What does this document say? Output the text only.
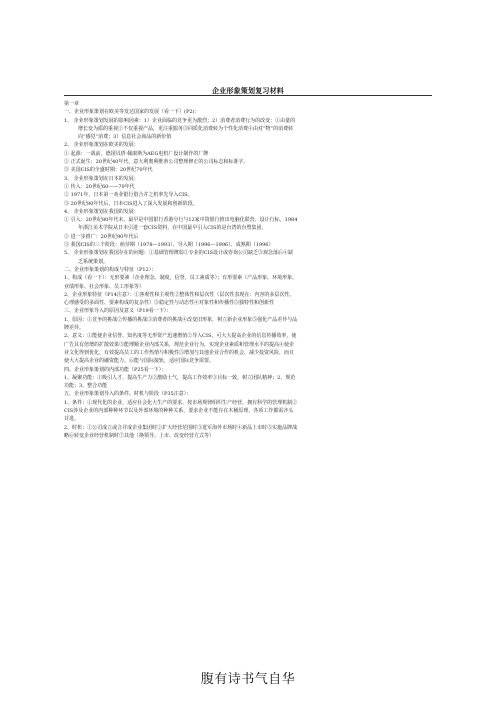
企业形象策划复习材料
第一章
一、企业形象策划在欧美等发达国家的发展（看一下）(P2)：
1、 企业形象策划发展的影响因素：1）企业面临的竞争更为激烈；2）消费者消费行为的改变：①由量的
增长变为质的重视②不仅重视产品，更注重服务③同质化消费转为个性化消费④由对“物”的消费转
向“感觉”消费；3）信息社会商品的新价值
2、 企业形象策划在欧美的发展：
① 起源：一战前，德国贝塔·佩康斯为AEG电机厂设计制作的厂牌
② 正式诞生：20世纪40年代，意大利奥利维蒂公司整理修正的公司标志和标准字。
③ 美国CIS的全盛时期：20世纪70年代
3、 企业形象策划在日本的发展：
① 传入：20世纪60——70年代
② 1971年，日本第一劝业银行借合并之机率先导入CIS。
③ 20世纪80年代后，日本CIS进入了深入发展和创新阶段。
4、 企业形象策划在我国的发展：
① 引入：20世纪80年代末，最早是中国银行香港分行与12家中资银行推出电脑化联营、设计行标。1984
年浙江美术学院从日本引进一套CIS资料，在中国最早引入CIS的是台湾的台塑集团。
② 进一步推广：20世纪90年代后
③ 我国CIS的三个阶段：萌芽期（1978—1993）、导入期（1996—1996）、成熟期（1996）
5、 企业形象策划在我国存在的问题：①基础管理薄弱②专业的CIS设计或咨询公司缺乏③观念落后④缺
乏系统策划。
二、企业形象策划的构成与特征（P12）：
1、构成（看一下）：无形要素（企业理念、制度、信誉、员工素质等）；有形要素（产品形象、环境形象、
业绩形象、社会形象、员工形象等）
2、企业形象特征（P14注意）：①客观性和主观性②整体性和层次性（层次性表现在：内容的多层次性、
心理感受的多面性、要素构成的复杂性）③稳定性与动态性④对象性和传播性⑤独特性和创新性
三、企业形象导入的原因及意义（P19看一下）：
1、原因：①竞争的挑战②传播的挑战③消费者的挑战④改变旧形象，树立新企业形象⑤强化产品差异与品
牌差异。
2、意义：①能使企业信誉、知名度等无形资产迅速增值②导入CIS，可大大提高企业的信息传播效率，使
广告具有倍增的扩散效果③能理顺企业内部关系，规范企业行为，实现企业素质和管理水平的提高④使企
业文化得到优化，有效提高员工的工作热情与积极性⑤增加与其他企业合作的机会，减少投资风险，而且
使大大提高企业的融资能力。⑥能与国际接轨，适应国际竞争需要。
四、企业形象策划的内部功能（P25看一下）：
1、凝聚功能：①吸引人才，提高生产力②激励士气，提高工作效率③目标一致，树立团队精神；2、规范
功能；3、整合功能
五、企业形象策划导入的条件、时机与阶段（P35注意）：
1、条件：①现代化的企业，适应社会化大生产的要求，按市场规律组织生产经营，拥有科学的管理机制②
CIS涉及企业的内部种种环节以及外部环境的种种关系，要求企业不能存在木桶原理，各项工作都需齐头
并进。
2、时机：①公司成立或合并成企业集团时②扩大经营范围时③进军海外市场时④新品上市时⑤实施品牌战
略⑥转变企业经营机制时⑦其他（换领导、上市、改变经营方式等）
腹有诗书气自华
